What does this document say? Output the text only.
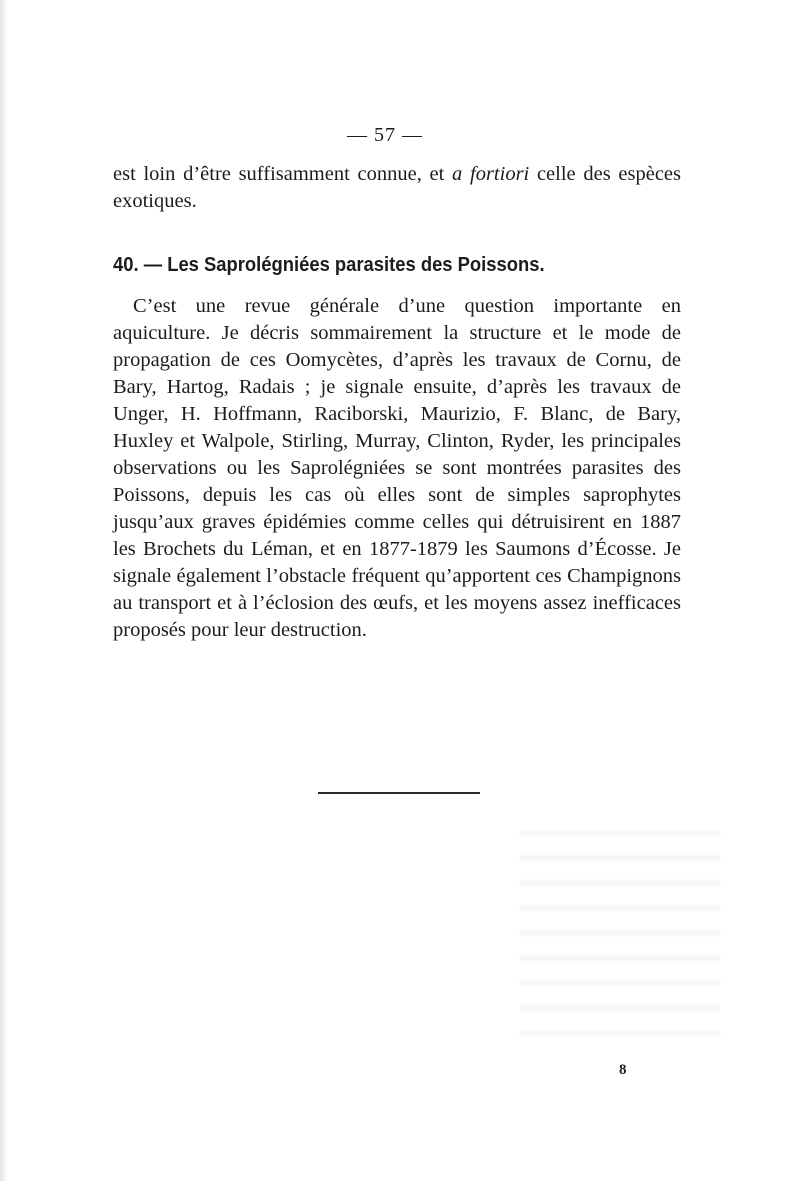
— 57 —

est loin d’être suffisamment connue, et a fortiori celle des espèces exotiques.

40. — Les Saprolégniées parasites des Poissons.

C’est une revue générale d’une question importante en aquiculture. Je décris sommairement la structure et le mode de propagation de ces Oomycètes, d’après les travaux de Cornu, de Bary, Hartog, Radais ; je signale ensuite, d’après les travaux de Unger, H. Hoffmann, Raciborski, Maurizio, F. Blanc, de Bary, Huxley et Walpole, Stirling, Murray, Clinton, Ryder, les principales observations ou les Saprolégniées se sont montrées parasites des Poissons, depuis les cas où elles sont de simples saprophytes jusqu’aux graves épidémies comme celles qui détruisirent en 1887 les Brochets du Léman, et en 1877-1879 les Saumons d’Écosse. Je signale également l’obstacle fréquent qu’apportent ces Champignons au transport et à l’éclosion des œufs, et les moyens assez inefficaces proposés pour leur destruction.

8
